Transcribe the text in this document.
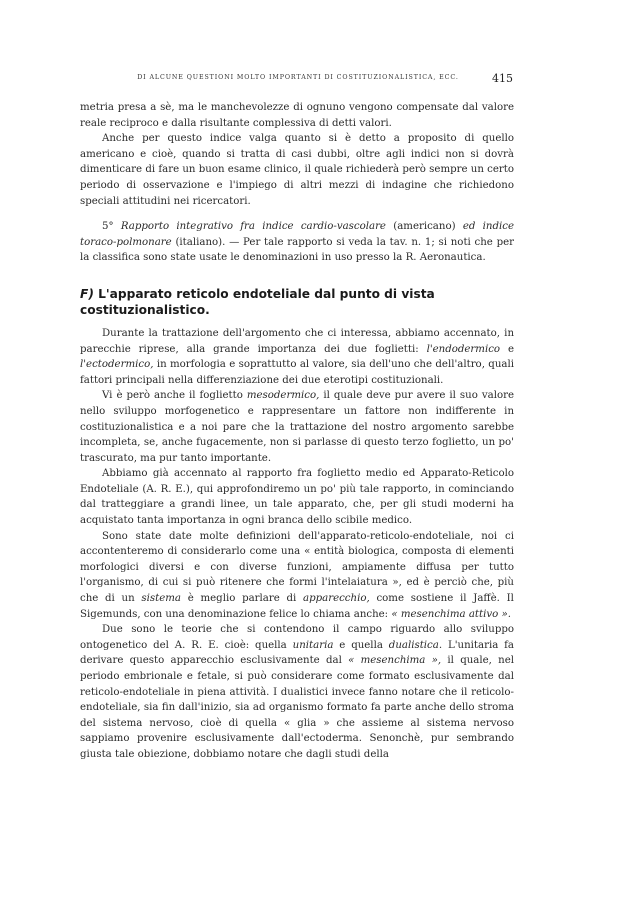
DI ALCUNE QUESTIONI MOLTO IMPORTANTI DI COSTITUZIONALISTICA, ECC.	415

metria presa a sè, ma le manchevolezze di ognuno vengono compensate dal valore reale reciproco e dalla risultante complessiva di detti valori.

Anche per questo indice valga quanto si è detto a proposito di quello americano e cioè, quando si tratta di casi dubbi, oltre agli indici non si dovrà dimenticare di fare un buon esame clinico, il quale richiederà però sempre un certo periodo di osservazione e l'impiego di altri mezzi di indagine che richiedono speciali attitudini nei ricercatori.

5° Rapporto integrativo fra indice cardio-vascolare (americano) ed indice toraco-polmonare (italiano). — Per tale rapporto si veda la tav. n. 1; si noti che per la classifica sono state usate le denominazioni in uso presso la R. Aeronautica.

F) L'apparato reticolo endoteliale dal punto di vista costituzionalistico.

Durante la trattazione dell'argomento che ci interessa, abbiamo accennato, in parecchie riprese, alla grande importanza dei due foglietti: l'endodermico e l'ectodermico, in morfologia e soprattutto al valore, sia dell'uno che dell'altro, quali fattori principali nella differenziazione dei due eterotipi costituzionali.

Vi è però anche il foglietto mesodermico, il quale deve pur avere il suo valore nello sviluppo morfogenetico e rappresentare un fattore non indifferente in costituzionalistica e a noi pare che la trattazione del nostro argomento sarebbe incompleta, se, anche fugacemente, non si parlasse di questo terzo foglietto, un po' trascurato, ma pur tanto importante.

Abbiamo già accennato al rapporto fra foglietto medio ed Apparato-Reticolo Endoteliale (A. R. E.), qui approfondiremo un po' più tale rapporto, in cominciando dal tratteggiare a grandi linee, un tale apparato, che, per gli studi moderni ha acquistato tanta importanza in ogni branca dello scibile medico.

Sono state date molte definizioni dell'apparato-reticolo-endoteliale, noi ci accontenteremo di considerarlo come una « entità biologica, composta di elementi morfologici diversi e con diverse funzioni, ampiamente diffusa per tutto l'organismo, di cui si può ritenere che formi l'intelaiatura », ed è perciò che, più che di un sistema è meglio parlare di apparecchio, come sostiene il Jaffè. Il Sigemunds, con una denominazione felice lo chiama anche: « mesenchima attivo ».

Due sono le teorie che si contendono il campo riguardo allo sviluppo ontogenetico del A. R. E. cioè: quella unitaria e quella dualistica. L'unitaria fa derivare questo apparecchio esclusivamente dal « mesenchima », il quale, nel periodo embrionale e fetale, si può considerare come formato esclusivamente dal reticolo-endoteliale in piena attività. I dualistici invece fanno notare che il reticolo-endoteliale, sia fin dall'inizio, sia ad organismo formato fa parte anche dello stroma del sistema nervoso, cioè di quella « glia » che assieme al sistema nervoso sappiamo provenire esclusivamente dall'ectoderma. Senonchè, pur sembrando giusta tale obiezione, dobbiamo notare che dagli studi della
